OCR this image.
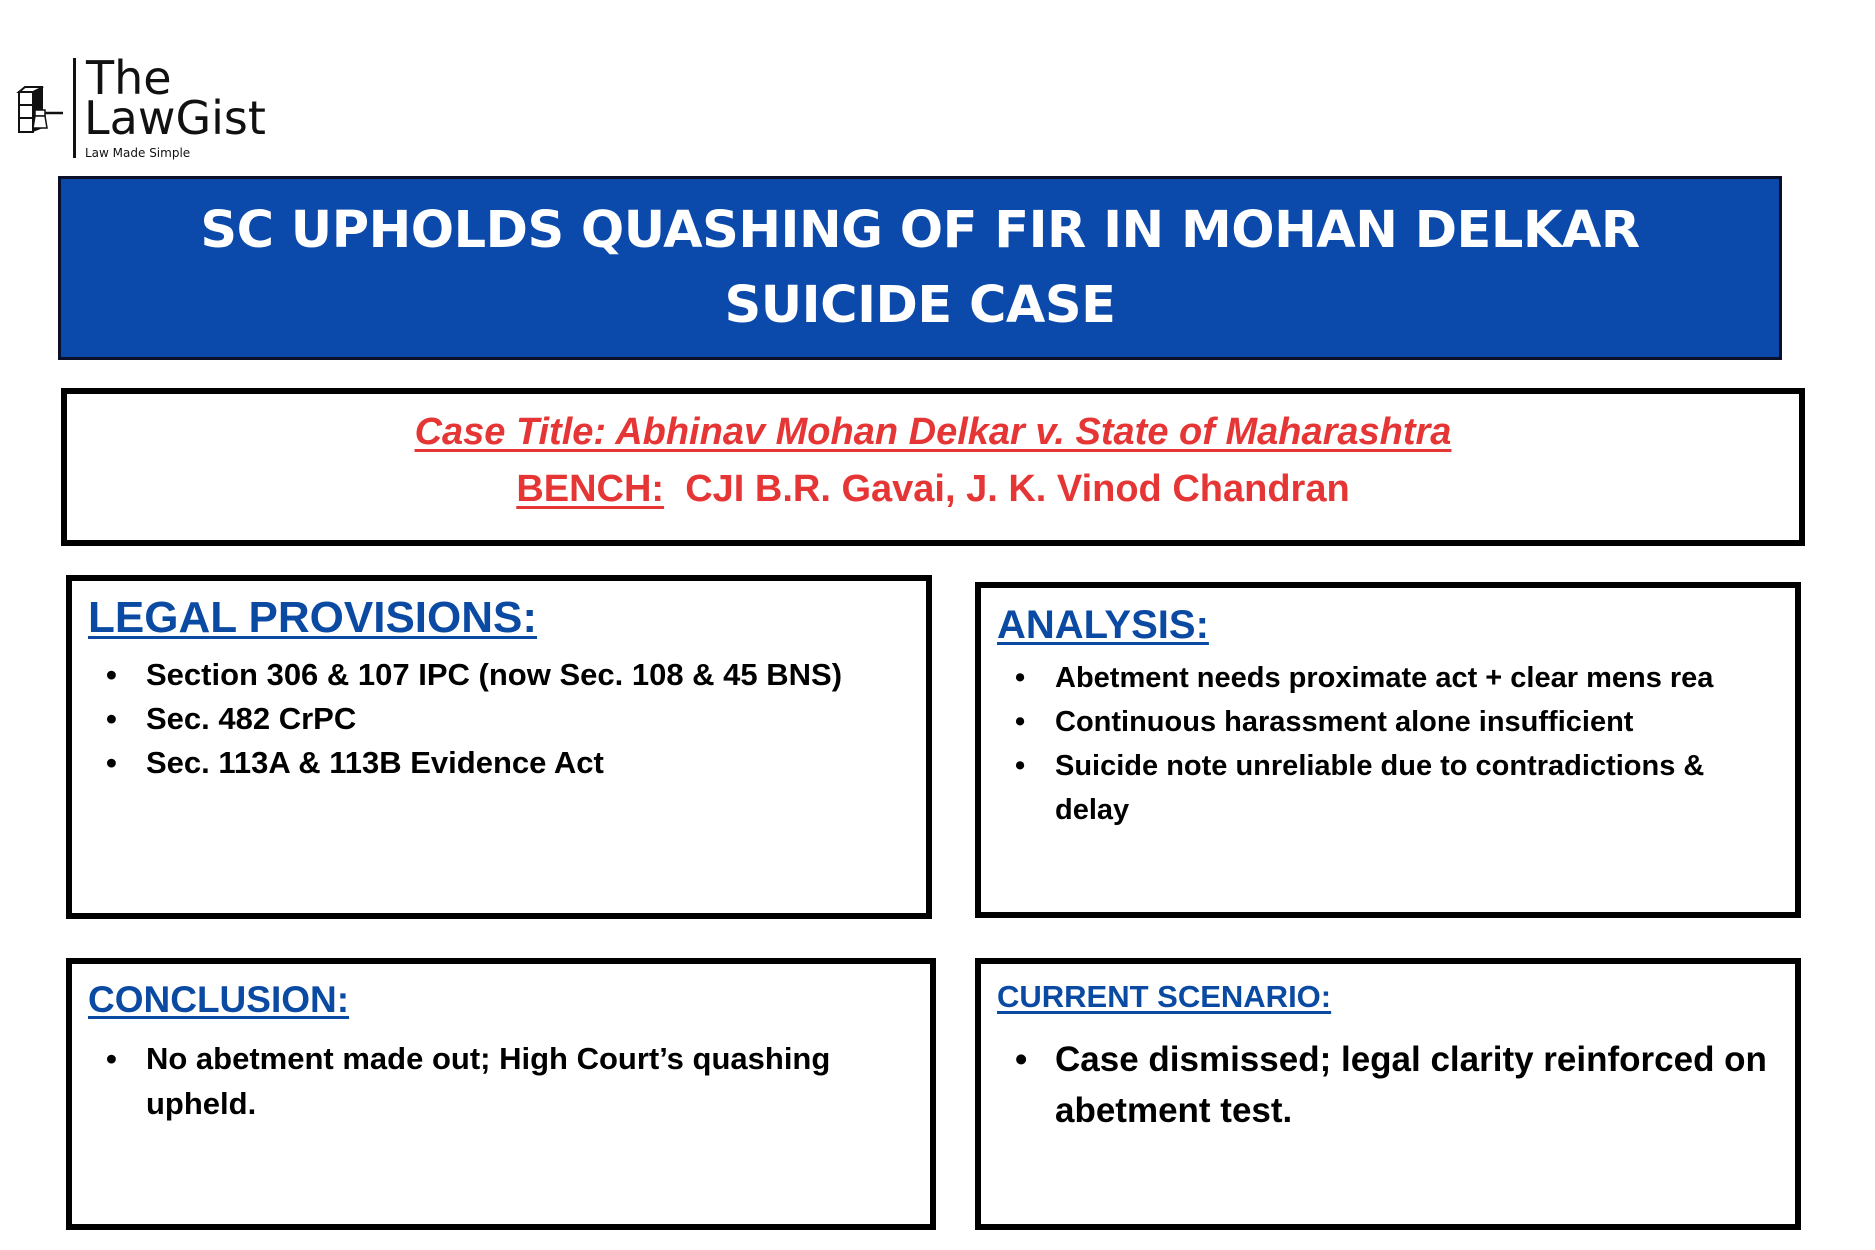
The
LawGist
Law Made Simple
SC UPHOLDS QUASHING OF FIR IN MOHAN DELKAR SUICIDE CASE
Case Title: Abhinav Mohan Delkar v. State of Maharashtra
BENCH: CJI B.R. Gavai, J. K. Vinod Chandran
LEGAL PROVISIONS:
• Section 306 & 107 IPC (now Sec. 108 & 45 BNS)
• Sec. 482 CrPC
• Sec. 113A & 113B Evidence Act
ANALYSIS:
• Abetment needs proximate act + clear mens rea
• Continuous harassment alone insufficient
• Suicide note unreliable due to contradictions & delay
CONCLUSION:
• No abetment made out; High Court’s quashing upheld.
CURRENT SCENARIO:
• Case dismissed; legal clarity reinforced on abetment test.
